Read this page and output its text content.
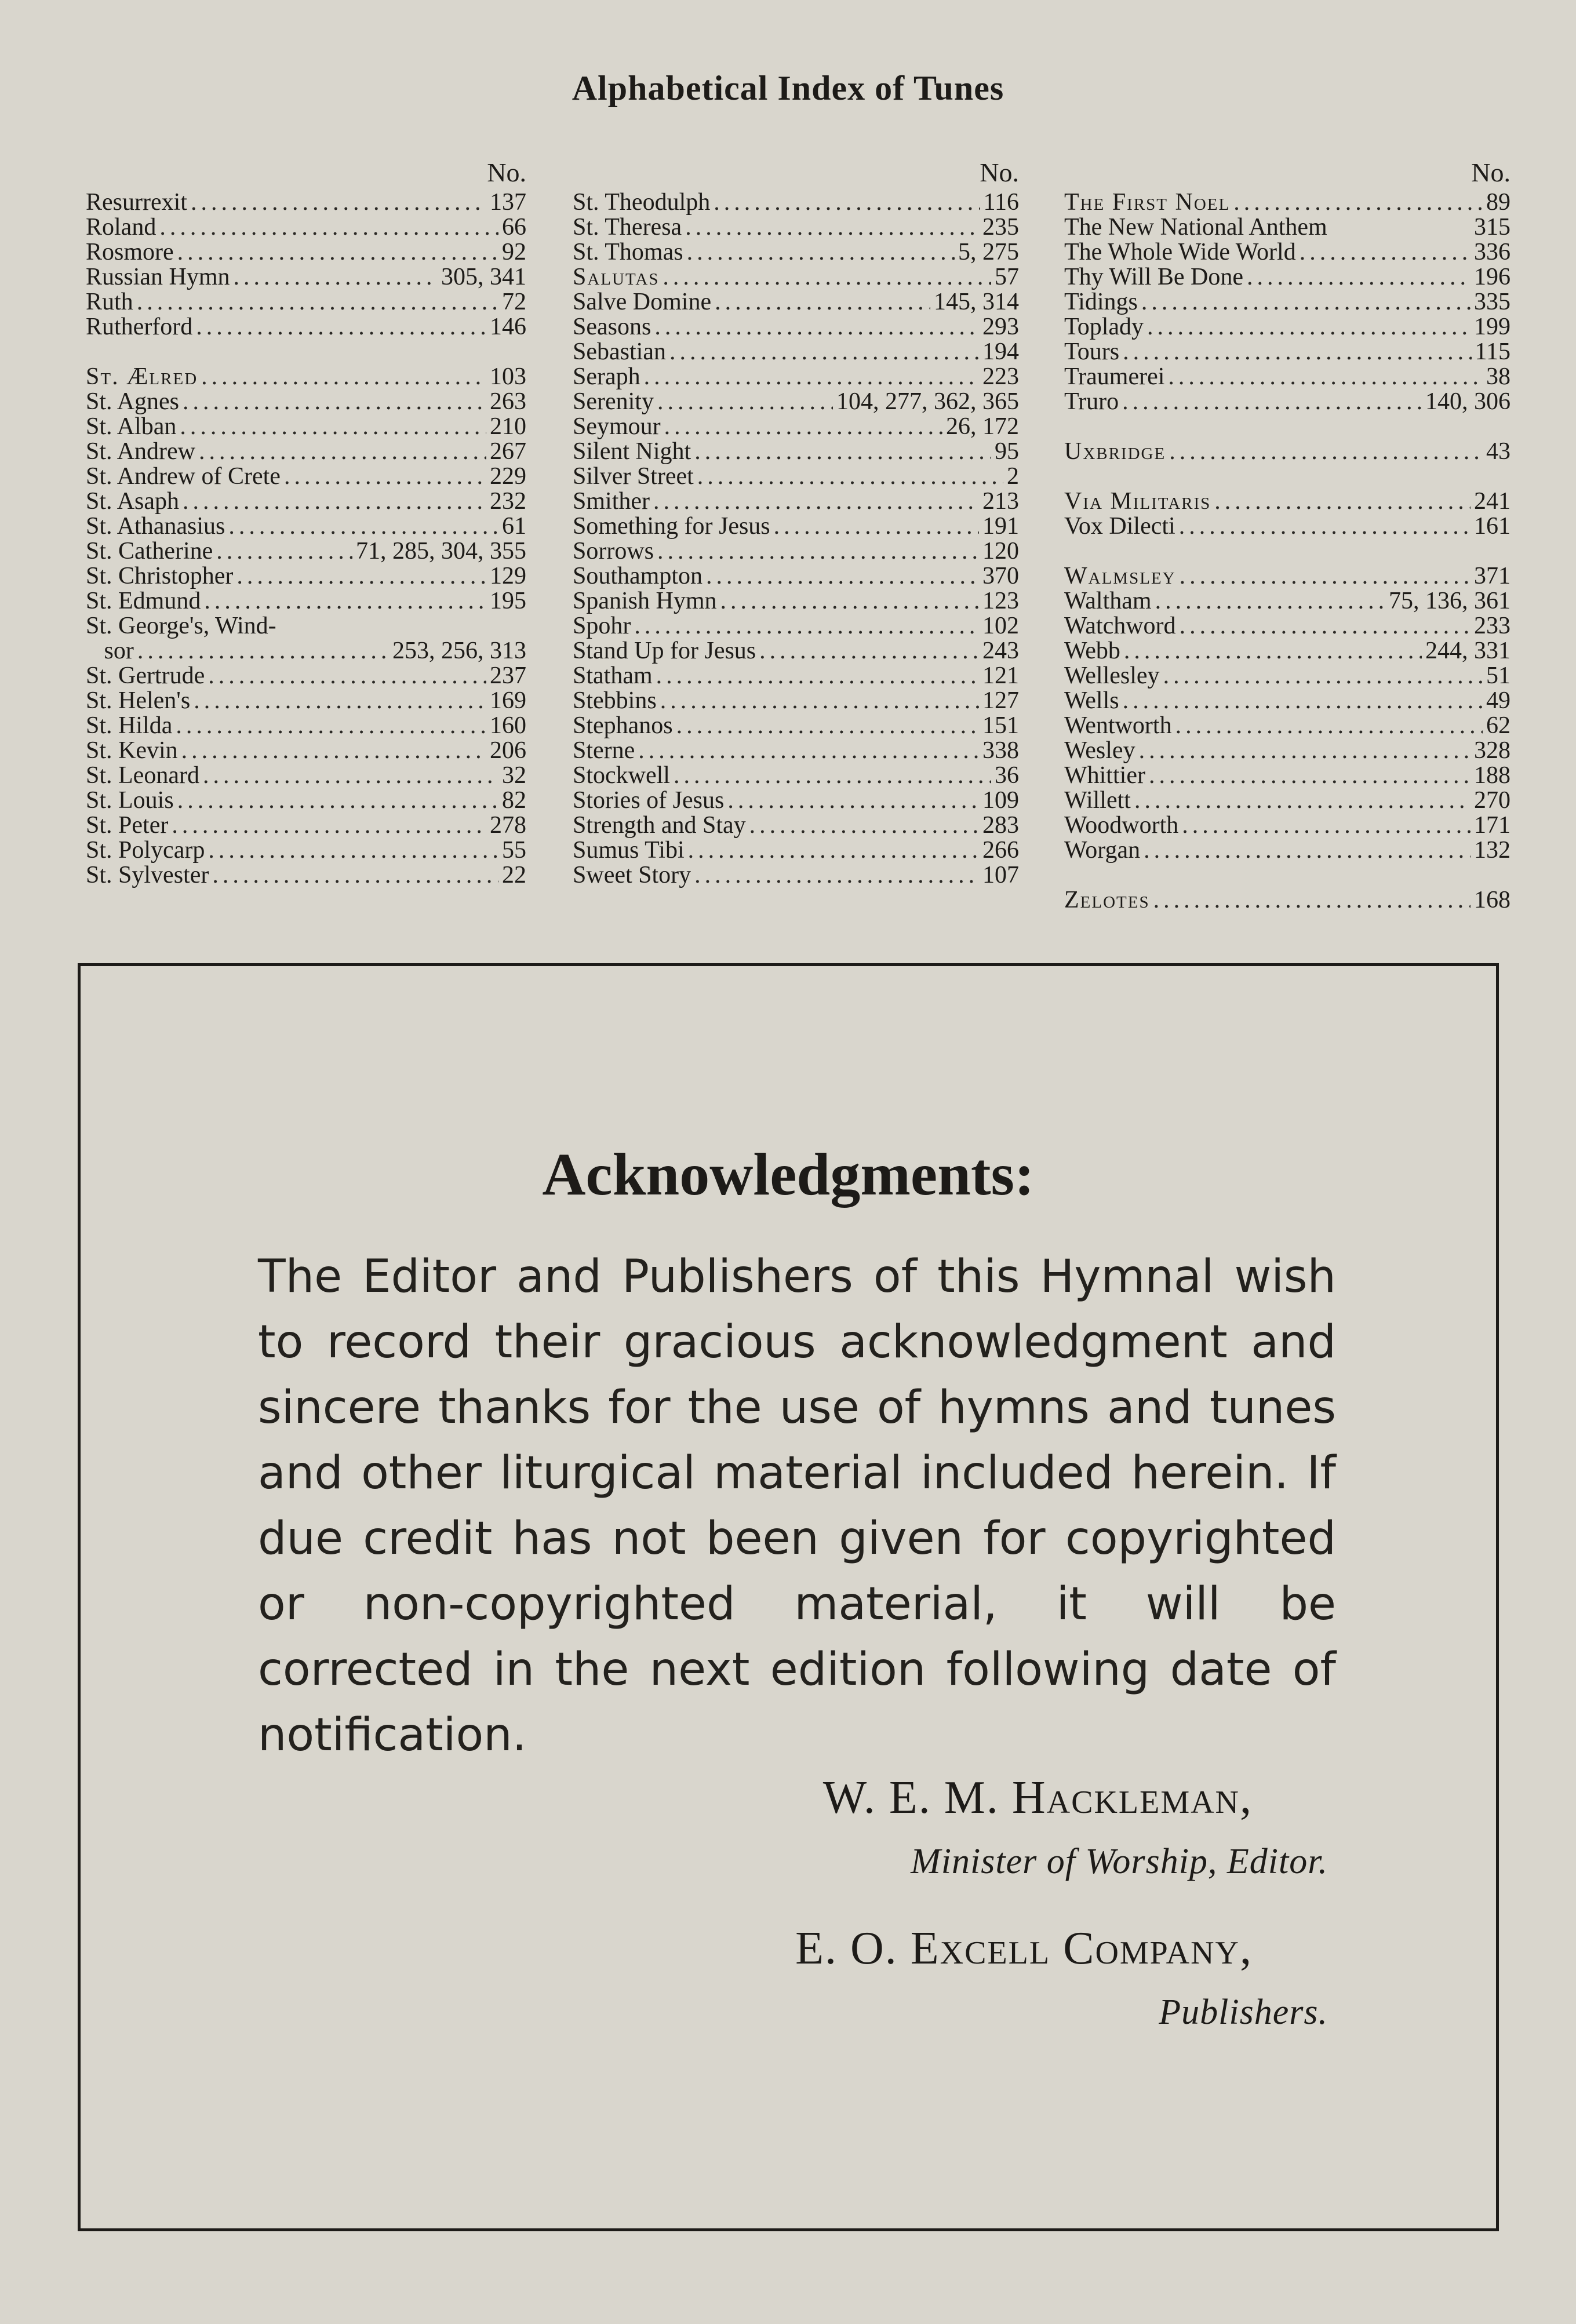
Alphabetical Index of Tunes
No.
Resurrexit .....	137
Roland .....	66
Rosmore .....	92
Russian Hymn .....	305, 341
Ruth .....	72
Rutherford .....	146
St. Ælred .....	103
St. Agnes .....	263
St. Alban .....	210
St. Andrew .....	267
St. Andrew of Crete .....	229
St. Asaph .....	232
St. Athanasius .....	61
St. Catherine .....	71, 285, 304, 355
St. Christopher .....	129
St. Edmund .....	195
St. George's, Wind-
sor .....	253, 256, 313
St. Gertrude .....	237
St. Helen's .....	169
St. Hilda .....	160
St. Kevin .....	206
St. Leonard .....	32
St. Louis .....	82
St. Peter .....	278
St. Polycarp .....	55
St. Sylvester .....	22
No.
St. Theodulph .....	116
St. Theresa .....	235
St. Thomas .....	5, 275
Salutas .....	57
Salve Domine .....	145, 314
Seasons .....	293
Sebastian .....	194
Seraph .....	223
Serenity .....	104, 277, 362, 365
Seymour .....	26, 172
Silent Night .....	95
Silver Street .....	2
Smither .....	213
Something for Jesus .....	191
Sorrows .....	120
Southampton .....	370
Spanish Hymn .....	123
Spohr .....	102
Stand Up for Jesus .....	243
Statham .....	121
Stebbins .....	127
Stephanos .....	151
Sterne .....	338
Stockwell .....	36
Stories of Jesus .....	109
Strength and Stay .....	283
Sumus Tibi .....	266
Sweet Story .....	107
No.
The First Noel .....	89
The New National Anthem	315
The Whole Wide World .....	336
Thy Will Be Done .....	196
Tidings .....	335
Toplady .....	199
Tours .....	115
Traumerei .....	38
Truro .....	140, 306
Uxbridge .....	43
Via Militaris .....	241
Vox Dilecti .....	161
Walmsley .....	371
Waltham .....	75, 136, 361
Watchword .....	233
Webb .....	244, 331
Wellesley .....	51
Wells .....	49
Wentworth .....	62
Wesley .....	328
Whittier .....	188
Willett .....	270
Woodworth .....	171
Worgan .....	132
Zelotes .....	168
Acknowledgments:
The Editor and Publishers of this Hymnal wish to record their gracious acknowledgment and sincere thanks for the use of hymns and tunes and other liturgical material included herein. If due credit has not been given for copyrighted or non-copyrighted material, it will be corrected in the next edition following date of notification.
W. E. M. Hackleman,
Minister of Worship, Editor.
E. O. Excell Company,
Publishers.
